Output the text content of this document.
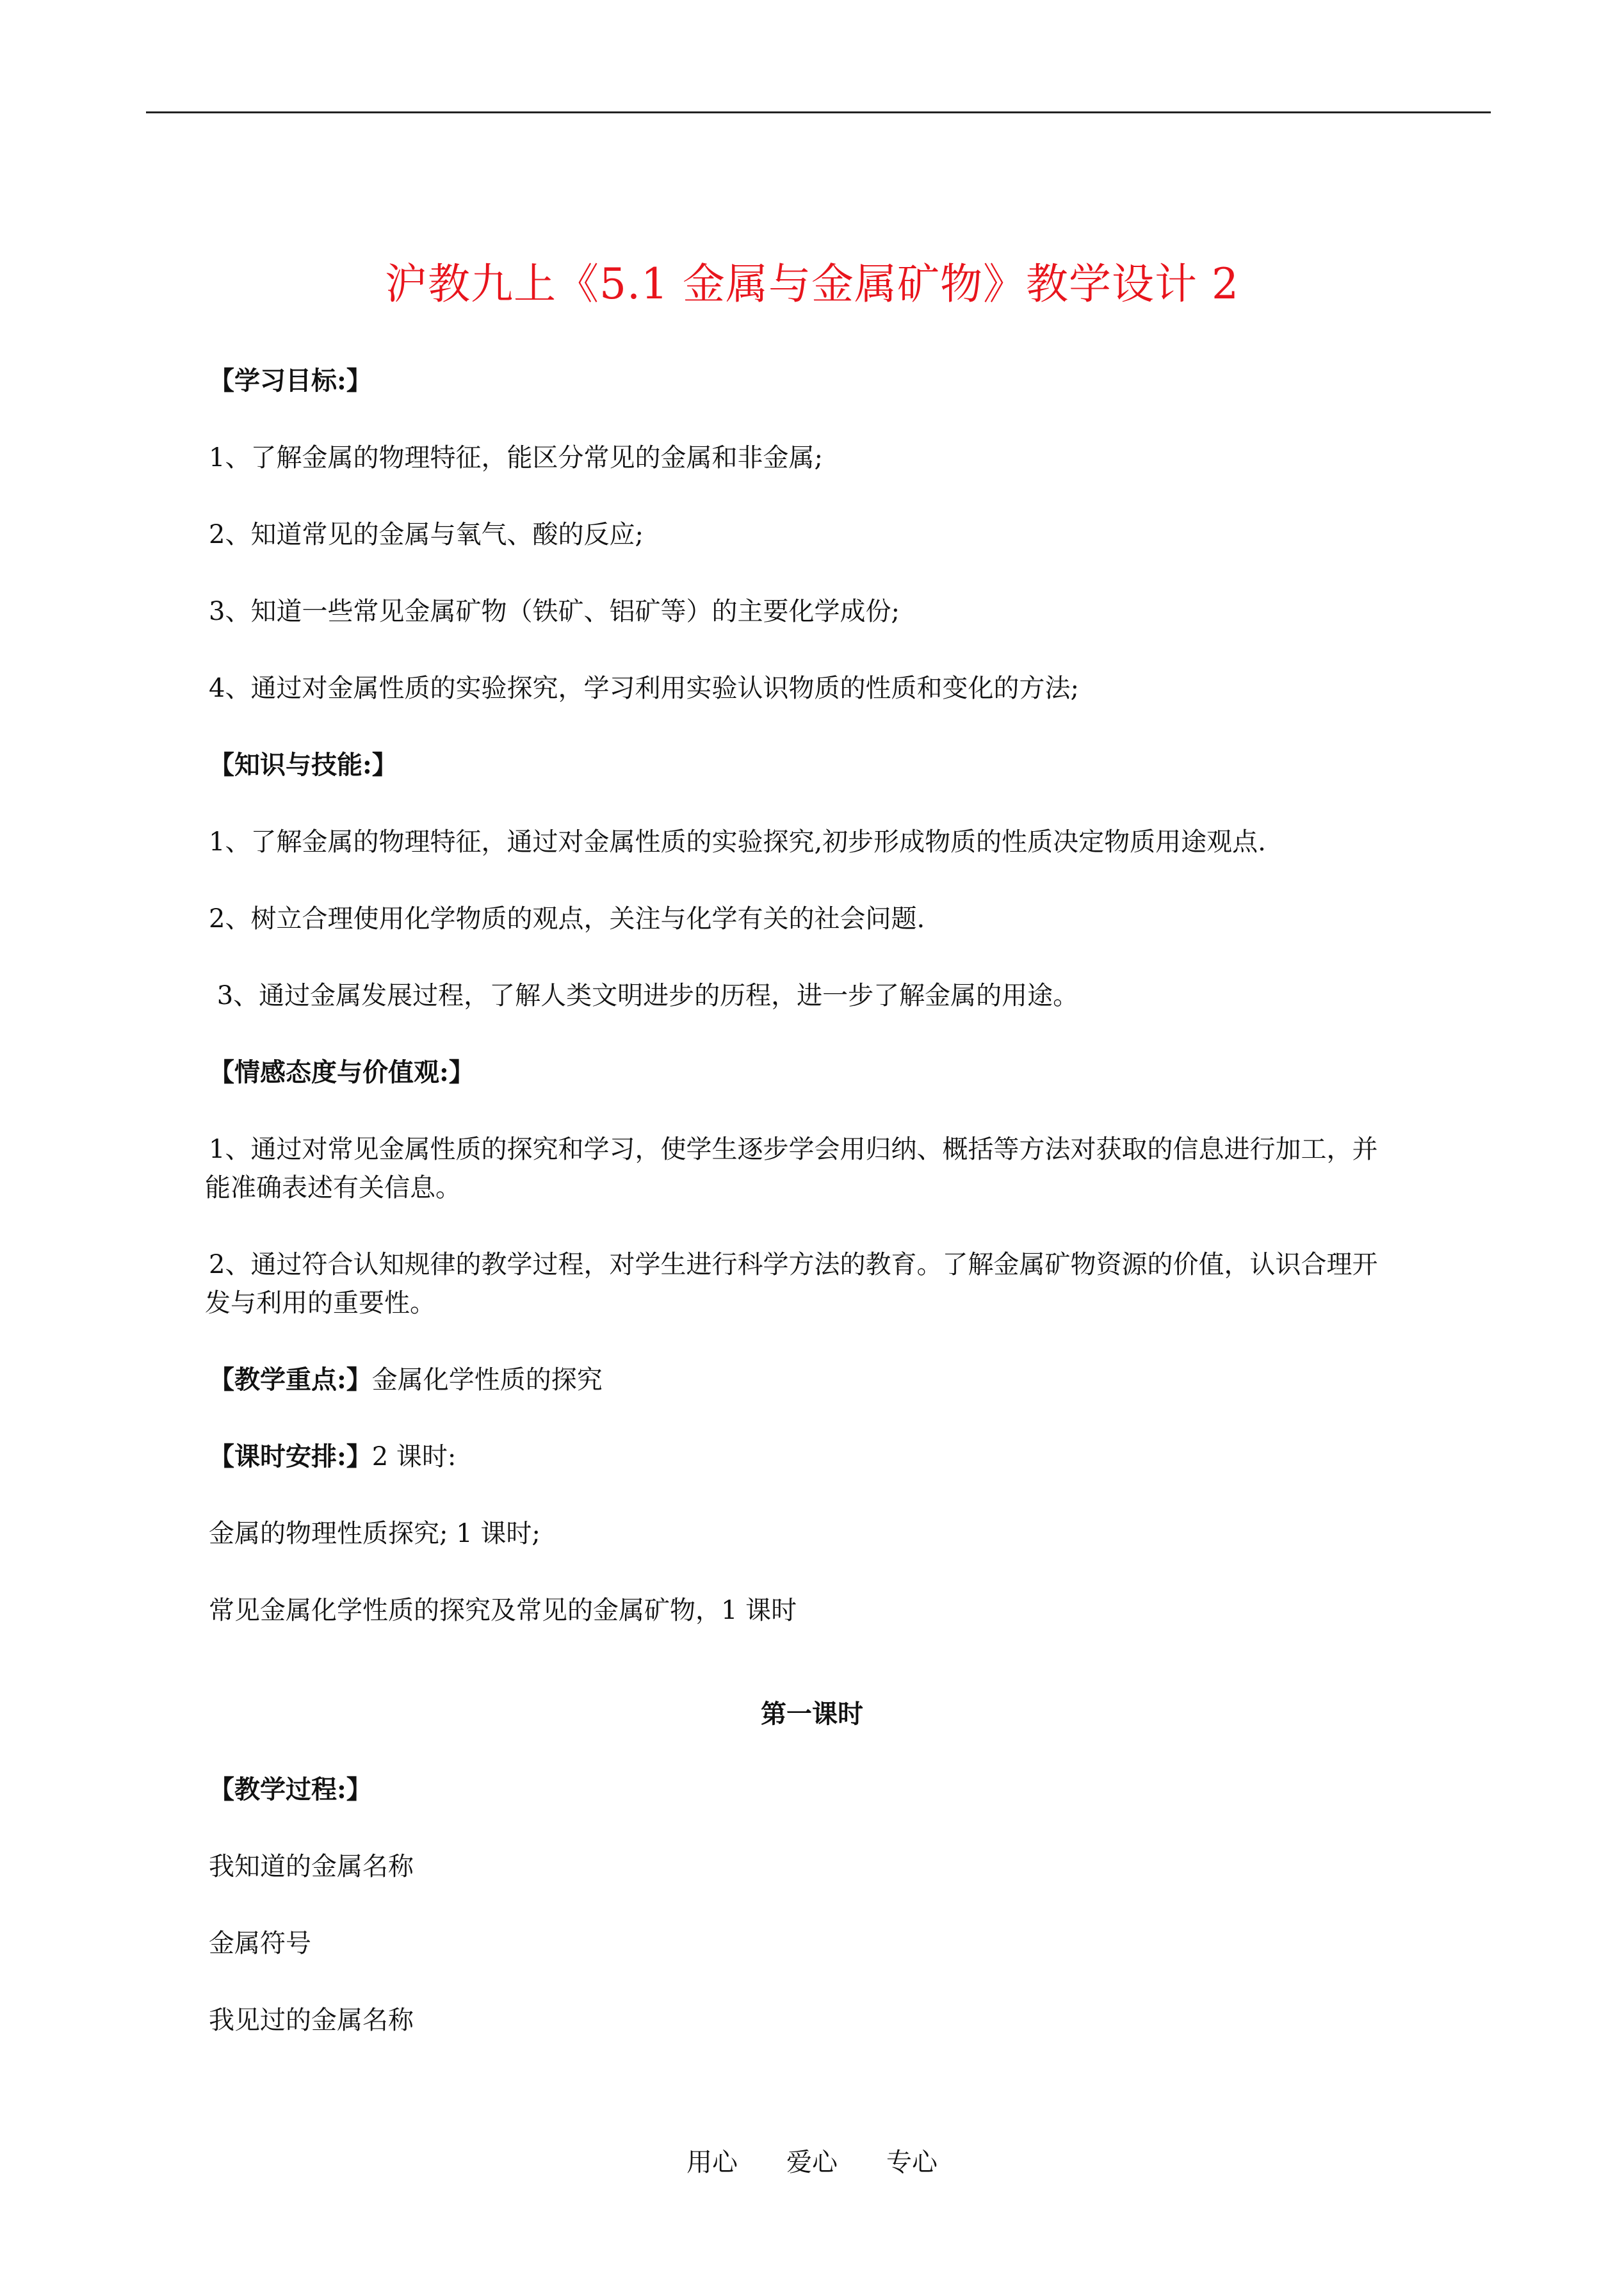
沪教九上《5.1 金属与金属矿物》教学设计 2

【学习目标:】

1、了解金属的物理特征，能区分常见的金属和非金属;

2、知道常见的金属与氧气、酸的反应;

3、知道一些常见金属矿物（铁矿、铝矿等）的主要化学成份;

4、通过对金属性质的实验探究，学习利用实验认识物质的性质和变化的方法;

【知识与技能:】

1、了解金属的物理特征，通过对金属性质的实验探究,初步形成物质的性质决定物质用途观点.

2、树立合理使用化学物质的观点，关注与化学有关的社会问题.

3、通过金属发展过程，了解人类文明进步的历程，进一步了解金属的用途。

【情感态度与价值观:】

1、通过对常见金属性质的探究和学习，使学生逐步学会用归纳、概括等方法对获取的信息进行加工，并

能准确表述有关信息。

2、通过符合认知规律的教学过程，对学生进行科学方法的教育。了解金属矿物资源的价值，认识合理开

发与利用的重要性。

【教学重点:】金属化学性质的探究

【课时安排:】2 课时:

金属的物理性质探究; 1 课时;

常见金属化学性质的探究及常见的金属矿物，1 课时

第一课时

【教学过程:】

我知道的金属名称

金属符号

我见过的金属名称

用心 爱心 专心
